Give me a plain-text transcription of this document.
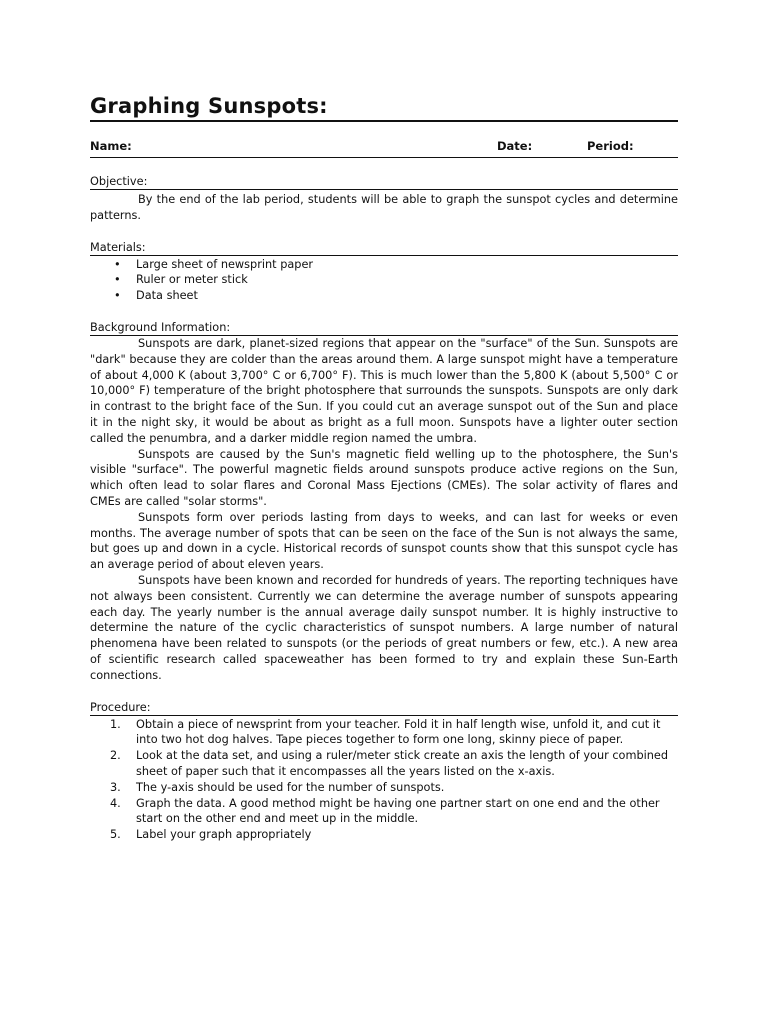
Graphing Sunspots:
Name:	Date:	Period:
Objective:

By the end of the lab period, students will be able to graph the sunspot cycles and determine patterns.

Materials:
• Large sheet of newsprint paper
• Ruler or meter stick
• Data sheet
Background Information:

Sunspots are dark, planet-sized regions that appear on the "surface" of the Sun. Sunspots are "dark" because they are colder than the areas around them. A large sunspot might have a temperature of about 4,000 K (about 3,700° C or 6,700° F). This is much lower than the 5,800 K (about 5,500° C or 10,000° F) temperature of the bright photosphere that surrounds the sunspots. Sunspots are only dark in contrast to the bright face of the Sun. If you could cut an average sunspot out of the Sun and place it in the night sky, it would be about as bright as a full moon. Sunspots have a lighter outer section called the penumbra, and a darker middle region named the umbra.

Sunspots are caused by the Sun's magnetic field welling up to the photosphere, the Sun's visible "surface". The powerful magnetic fields around sunspots produce active regions on the Sun, which often lead to solar flares and Coronal Mass Ejections (CMEs). The solar activity of flares and CMEs are called "solar storms".

Sunspots form over periods lasting from days to weeks, and can last for weeks or even months. The average number of spots that can be seen on the face of the Sun is not always the same, but goes up and down in a cycle. Historical records of sunspot counts show that this sunspot cycle has an average period of about eleven years.

Sunspots have been known and recorded for hundreds of years. The reporting techniques have not always been consistent. Currently we can determine the average number of sunspots appearing each day. The yearly number is the annual average daily sunspot number. It is highly instructive to determine the nature of the cyclic characteristics of sunspot numbers. A large number of natural phenomena have been related to sunspots (or the periods of great numbers or few, etc.). A new area of scientific research called spaceweather has been formed to try and explain these Sun-Earth connections.

Procedure:
1. Obtain a piece of newsprint from your teacher. Fold it in half length wise, unfold it, and cut it into two hot dog halves. Tape pieces together to form one long, skinny piece of paper.
2. Look at the data set, and using a ruler/meter stick create an axis the length of your combined sheet of paper such that it encompasses all the years listed on the x-axis.
3. The y-axis should be used for the number of sunspots.
4. Graph the data. A good method might be having one partner start on one end and the other start on the other end and meet up in the middle.
5. Label your graph appropriately
